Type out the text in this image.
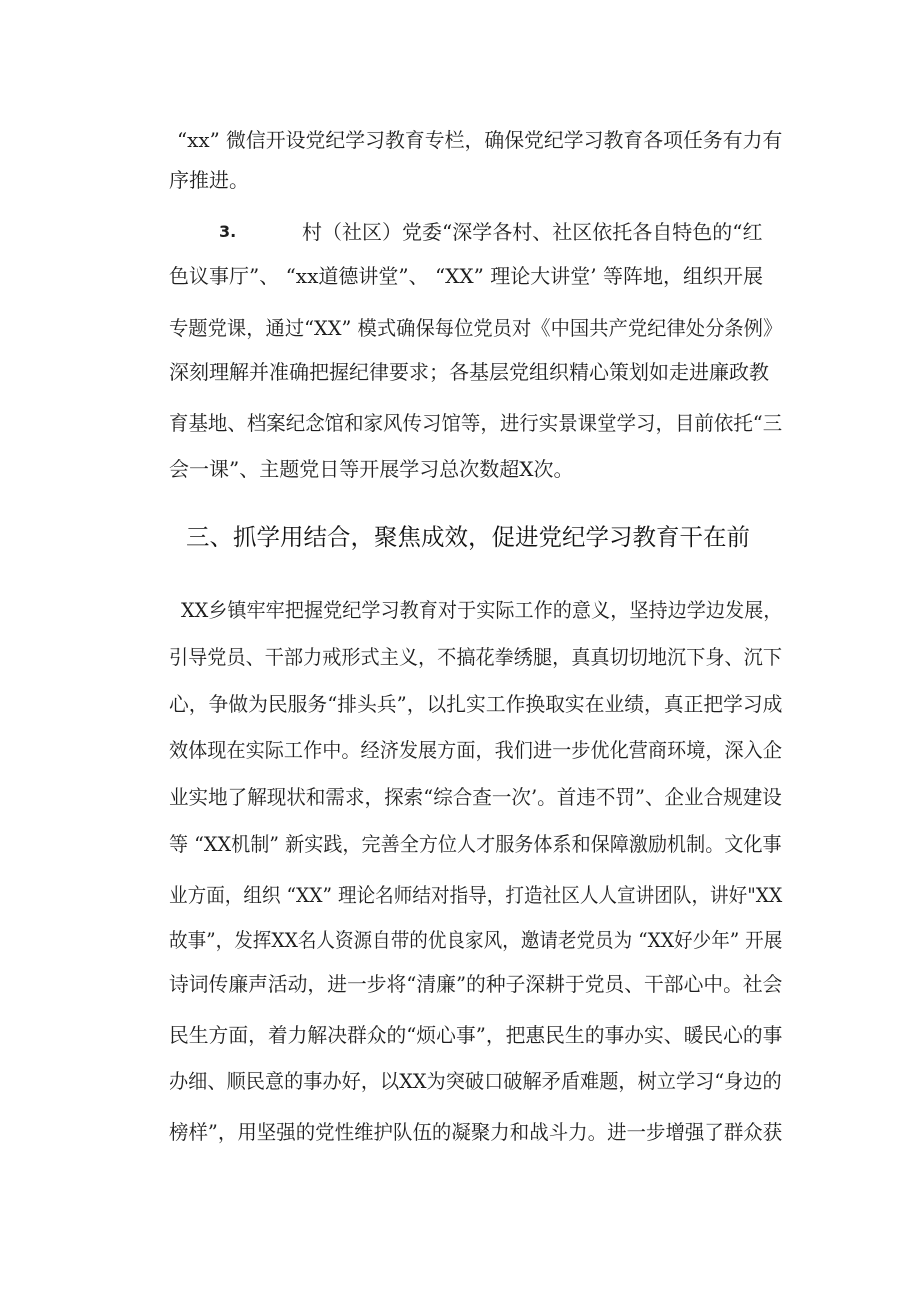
“xx” 微信开设党纪学习教育专栏，确保党纪学习教育各项任务有力有
序推进。
3.	村（社区）党委“深学各村、社区依托各自特色的“红
色议事厅”、 “xx道德讲堂”、 “XX” 理论大讲堂’ 等阵地，组织开展
专题党课，通过“XX” 模式确保每位党员对《中国共产党纪律处分条例》
深刻理解并准确把握纪律要求；各基层党组织精心策划如走进廉政教
育基地、档案纪念馆和家风传习馆等，进行实景课堂学习，目前依托“三
会一课”、主题党日等开展学习总次数超X次。
三、抓学用结合，聚焦成效，促进党纪学习教育干在前
XX乡镇牢牢把握党纪学习教育对于实际工作的意义，坚持边学边发展，
引导党员、干部力戒形式主义，不搞花拳绣腿，真真切切地沉下身、沉下
心，争做为民服务“排头兵”，以扎实工作换取实在业绩，真正把学习成
效体现在实际工作中。经济发展方面，我们进一步优化营商环境，深入企
业实地了解现状和需求，探索“综合查一次’。首违不罚”、企业合规建设
等 “XX机制” 新实践，完善全方位人才服务体系和保障激励机制。文化事
业方面，组织 “XX” 理论名师结对指导，打造社区人人宣讲团队，讲好"XX
故事”，发挥XX名人资源自带的优良家风，邀请老党员为 “XX好少年” 开展
诗词传廉声活动，进一步将“清廉”的种子深耕于党员、干部心中。社会
民生方面，着力解决群众的“烦心事”，把惠民生的事办实、暖民心的事
办细、顺民意的事办好，以XX为突破口破解矛盾难题，树立学习“身边的
榜样”，用坚强的党性维护队伍的凝聚力和战斗力。进一步增强了群众获
